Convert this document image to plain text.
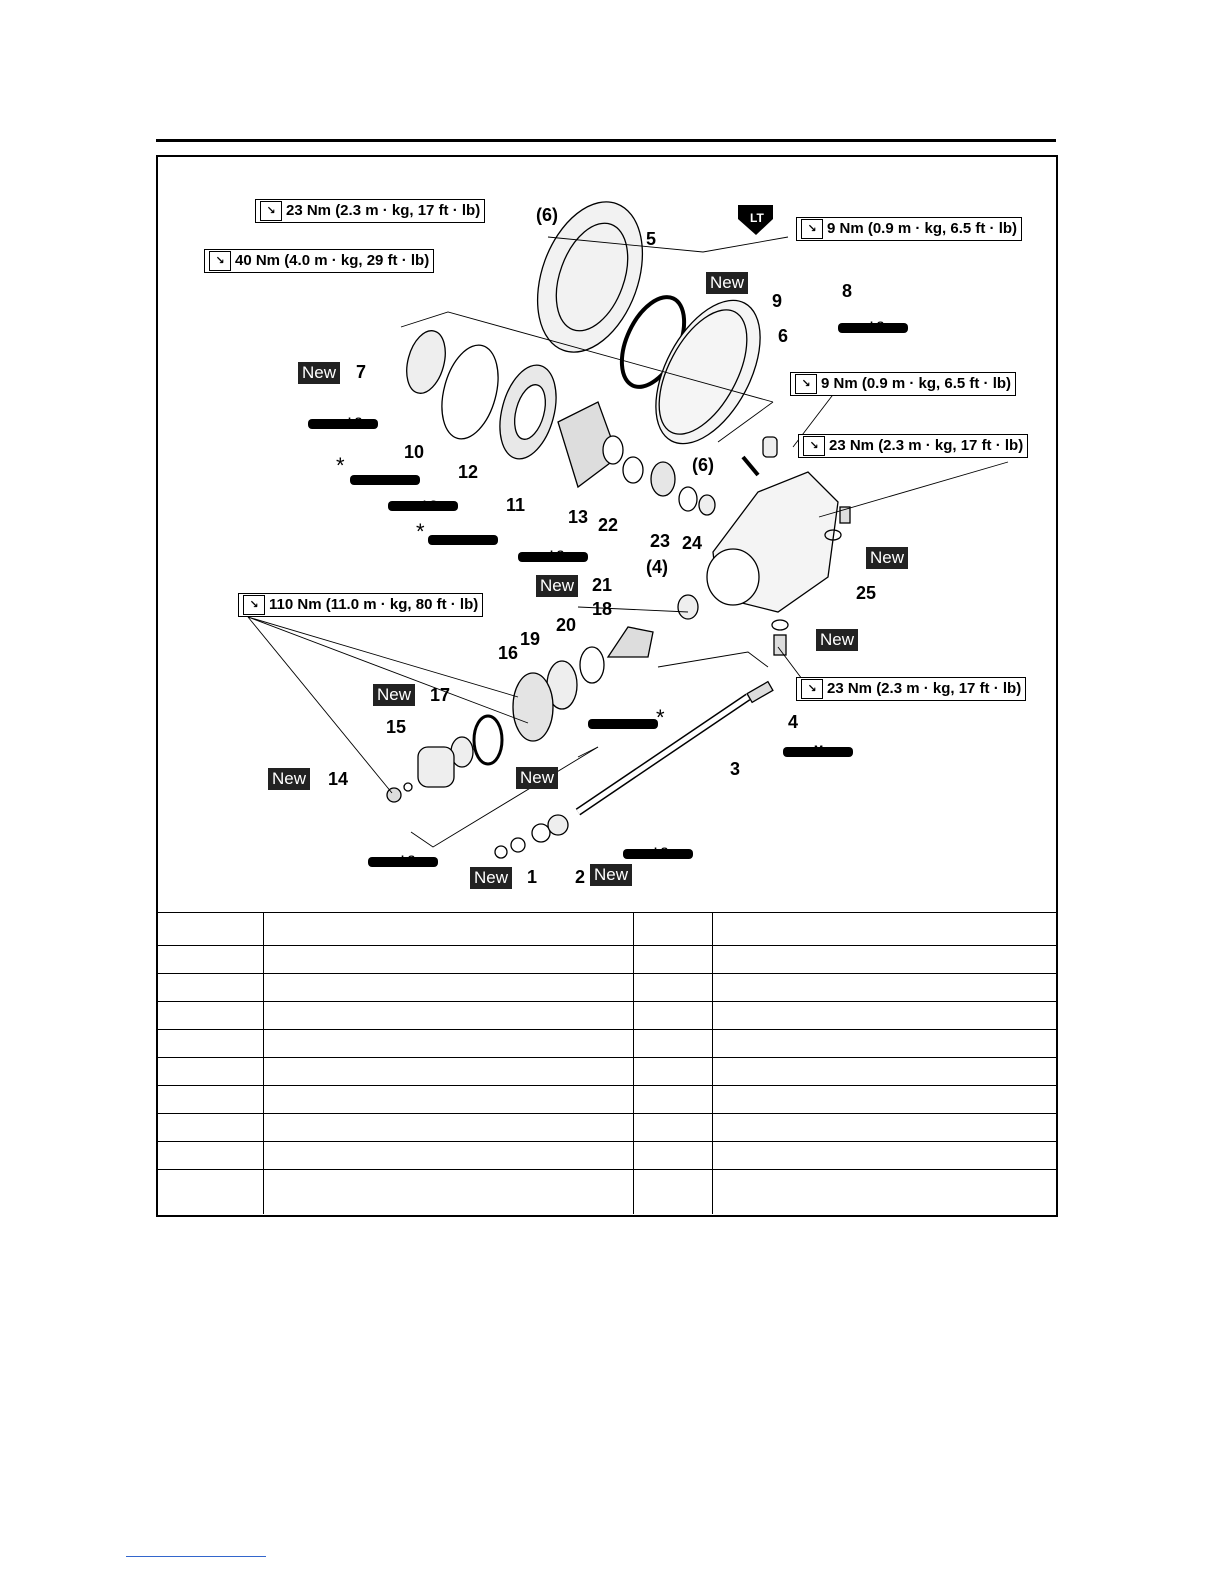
↘ 23 Nm (2.3 m · kg, 17 ft · lb)
↘ 40 Nm (4.0 m · kg, 29 ft · lb)
↘ 9 Nm (0.9 m · kg, 6.5 ft · lb)
↘ 9 Nm (0.9 m · kg, 6.5 ft · lb)
↘ 23 Nm (2.3 m · kg, 17 ft · lb)
↘ 110 Nm (11.0 m · kg, 80 ft · lb)
↘ 23 Nm (2.3 m · kg, 17 ft · lb)
New
New
New
New
New
New
New	New
New	New
LS
LS
LS
LS
LS
LS
LT
M
*
*
*
(6)
5
9	8
6
7
10
12
11
13 22
(6)
23 24
(4)
21	25
18
20
19
16
17
15
14
4
3
1 2
